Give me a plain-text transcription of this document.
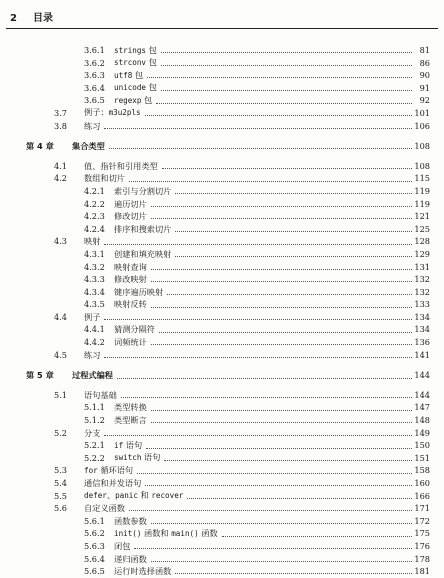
2 目录
3.6.1	strings 包	81
3.6.2	strconv 包	86
3.6.3	utf8 包	90
3.6.4	unicode 包	91
3.6.5	regexp 包	92
3.7	例子：m3u2pls	101
3.8	练习	106
第 4 章	集合类型	108
4.1	值、指针和引用类型	108
4.2	数组和切片	115
4.2.1	索引与分割切片	119
4.2.2	遍历切片	119
4.2.3	修改切片	121
4.2.4	排序和搜索切片	125
4.3	映射	128
4.3.1	创建和填充映射	129
4.3.2	映射查询	131
4.3.3	修改映射	132
4.3.4	键序遍历映射	132
4.3.5	映射反转	133
4.4	例子	134
4.4.1	猜测分隔符	134
4.4.2	词频统计	136
4.5	练习	141
第 5 章	过程式编程	144
5.1	语句基础	144
5.1.1	类型转换	147
5.1.2	类型断言	148
5.2	分支	149
5.2.1	if 语句	150
5.2.2	switch 语句	151
5.3	for 循环语句	158
5.4	通信和并发语句	160
5.5	defer、panic 和 recover	166
5.6	自定义函数	171
5.6.1	函数参数	172
5.6.2	init() 函数和 main() 函数	175
5.6.3	闭包	176
5.6.4	递归函数	178
5.6.5	运行时选择函数	181
